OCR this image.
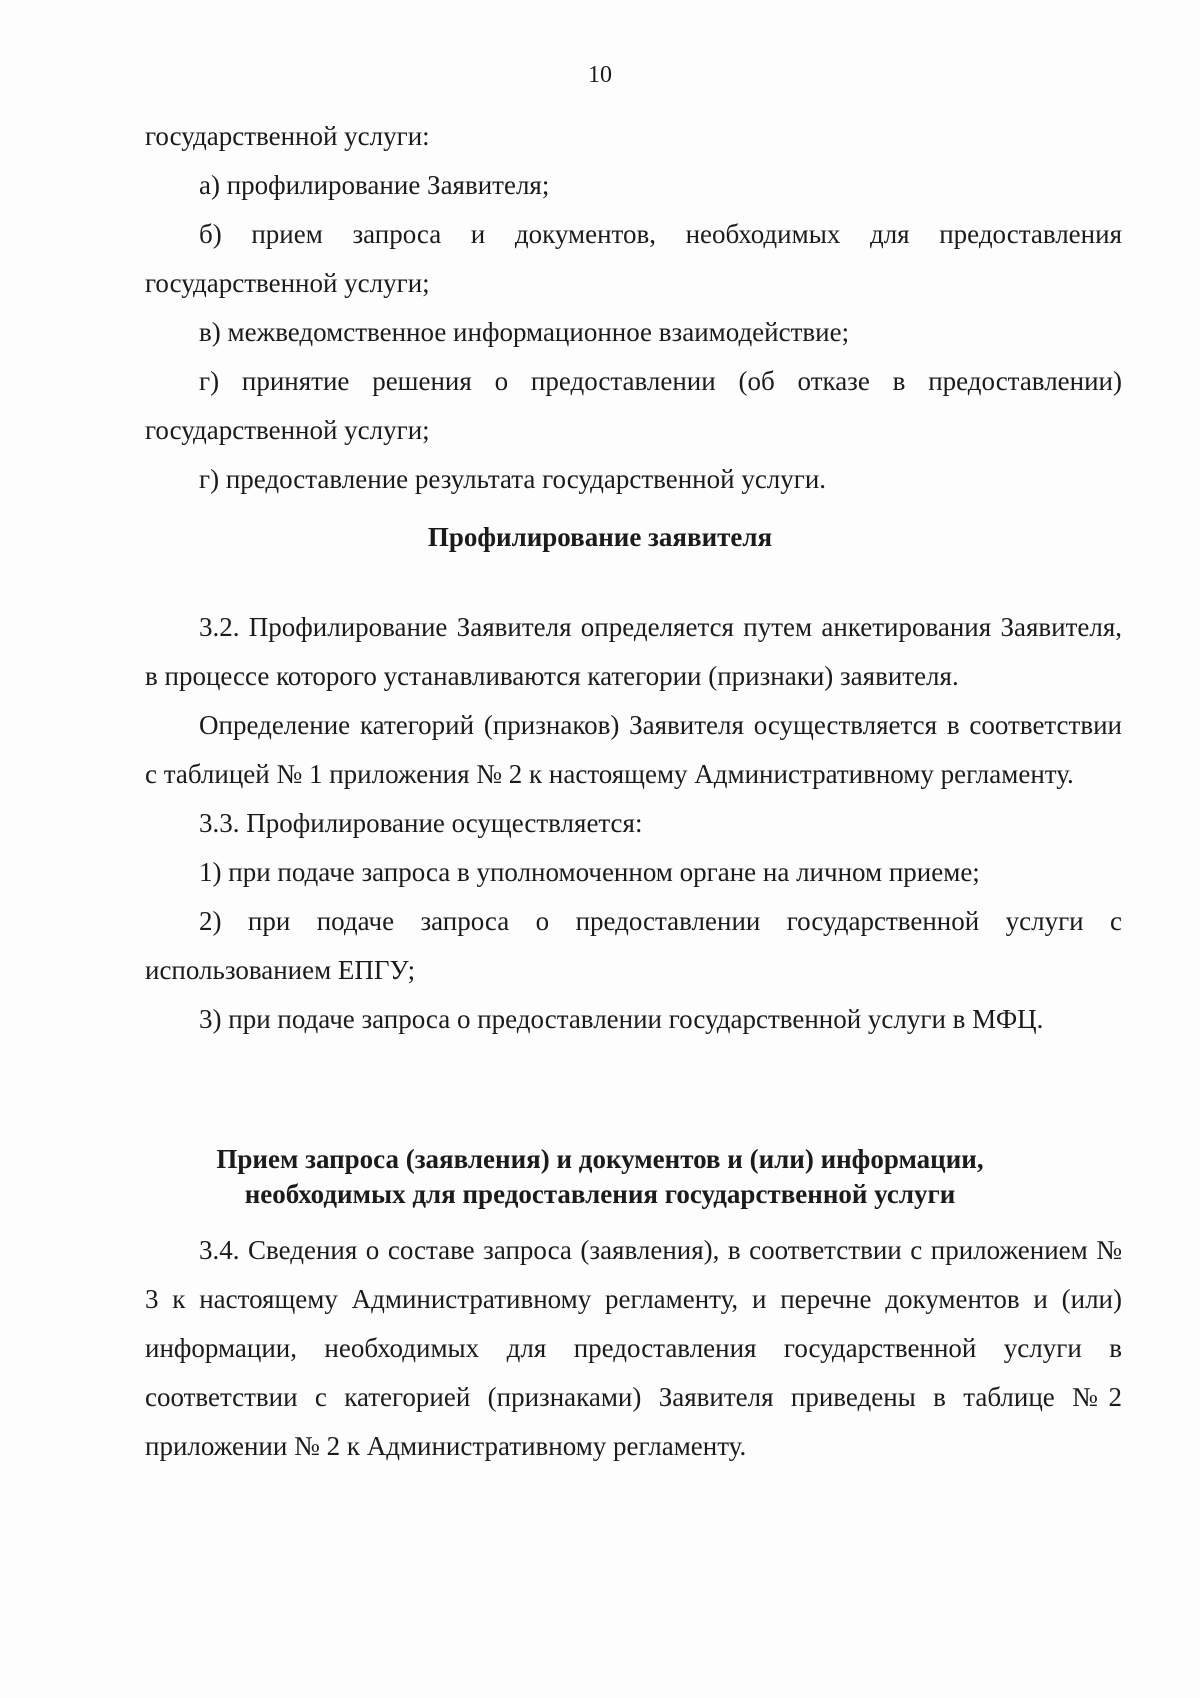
10

государственной услуги:

а) профилирование Заявителя;

б) прием запроса и документов, необходимых для предоставления государственной услуги;

в) межведомственное информационное взаимодействие;

г) принятие решения о предоставлении (об отказе в предоставлении) государственной услуги;

г) предоставление результата государственной услуги.

Профилирование заявителя

3.2. Профилирование Заявителя определяется путем анкетирования Заявителя, в процессе которого устанавливаются категории (признаки) заявителя.

Определение категорий (признаков) Заявителя осуществляется в соответствии с таблицей № 1 приложения № 2 к настоящему Административному регламенту.

3.3. Профилирование осуществляется:

1) при подаче запроса в уполномоченном органе на личном приеме;

2) при подаче запроса о предоставлении государственной услуги с использованием ЕПГУ;

3) при подаче запроса о предоставлении государственной услуги в МФЦ.

Прием запроса (заявления) и документов и (или) информации,
необходимых для предоставления государственной услуги

3.4. Сведения о составе запроса (заявления), в соответствии с приложением № 3 к настоящему Административному регламенту, и перечне документов и (или) информации, необходимых для предоставления государственной услуги в соответствии с категорией (признаками) Заявителя приведены в таблице №2 приложении № 2 к Административному регламенту.
